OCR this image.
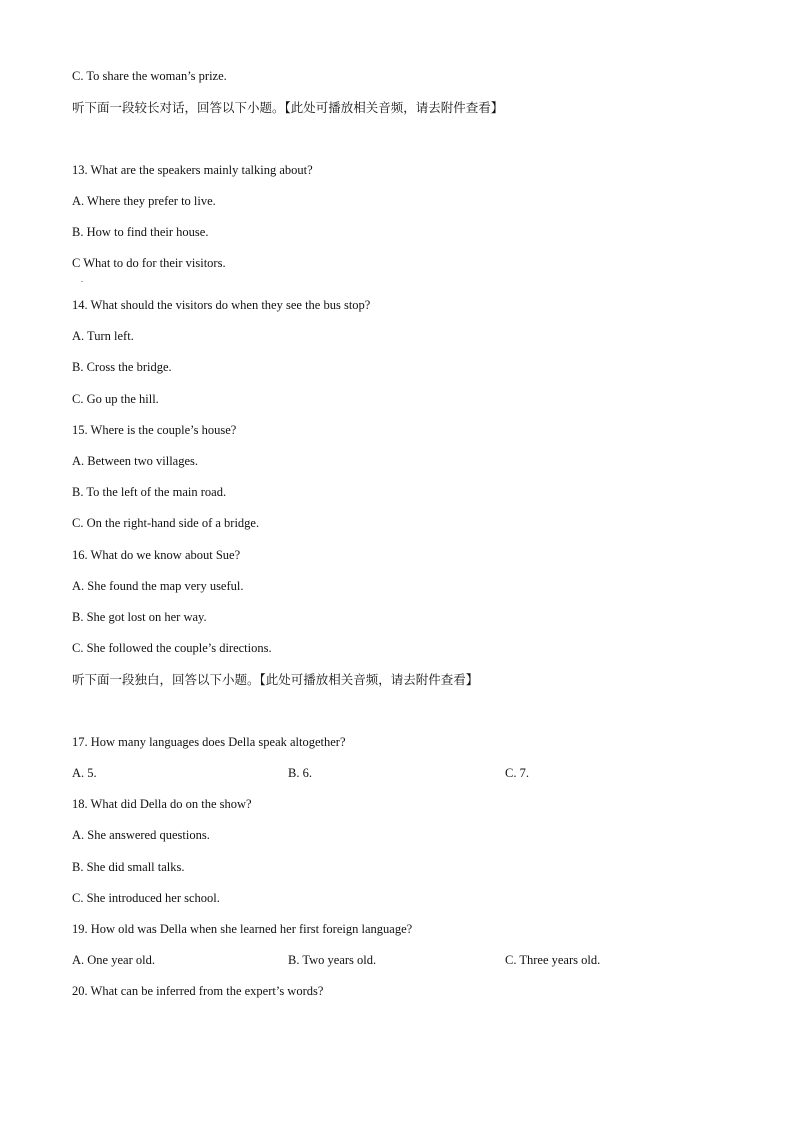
C. To share the woman’s prize.
听下面一段较长对话，回答以下小题。【此处可播放相关音频，请去附件查看】
13. What are the speakers mainly talking about?
A. Where they prefer to live.
B. How to find their house.
C What to do for their visitors.
.
14. What should the visitors do when they see the bus stop?
A. Turn left.
B. Cross the bridge.
C. Go up the hill.
15. Where is the couple’s house?
A. Between two villages.
B. To the left of the main road.
C. On the right-hand side of a bridge.
16. What do we know about Sue?
A. She found the map very useful.
B. She got lost on her way.
C. She followed the couple’s directions.
听下面一段独白，回答以下小题。【此处可播放相关音频，请去附件查看】
17. How many languages does Della speak altogether?
A. 5.	B. 6.	C. 7.
18. What did Della do on the show?
A. She answered questions.
B. She did small talks.
C. She introduced her school.
19. How old was Della when she learned her first foreign language?
A. One year old.	B. Two years old.	C. Three years old.
20. What can be inferred from the expert’s words?
